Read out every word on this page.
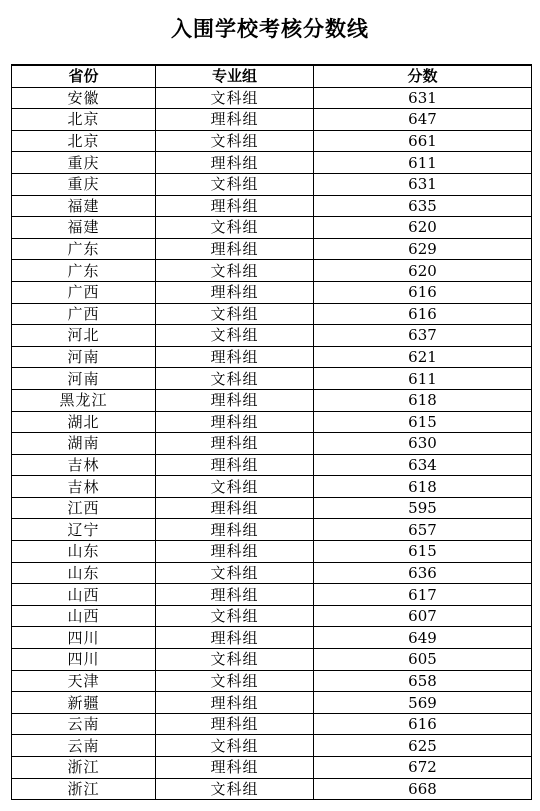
入围学校考核分数线
省份	专业组	分数
安徽	文科组	631
北京	理科组	647
北京	文科组	661
重庆	理科组	611
重庆	文科组	631
福建	理科组	635
福建	文科组	620
广东	理科组	629
广东	文科组	620
广西	理科组	616
广西	文科组	616
河北	文科组	637
河南	理科组	621
河南	文科组	611
黑龙江	理科组	618
湖北	理科组	615
湖南	理科组	630
吉林	理科组	634
吉林	文科组	618
江西	理科组	595
辽宁	理科组	657
山东	理科组	615
山东	文科组	636
山西	理科组	617
山西	文科组	607
四川	理科组	649
四川	文科组	605
天津	文科组	658
新疆	理科组	569
云南	理科组	616
云南	文科组	625
浙江	理科组	672
浙江	文科组	668
